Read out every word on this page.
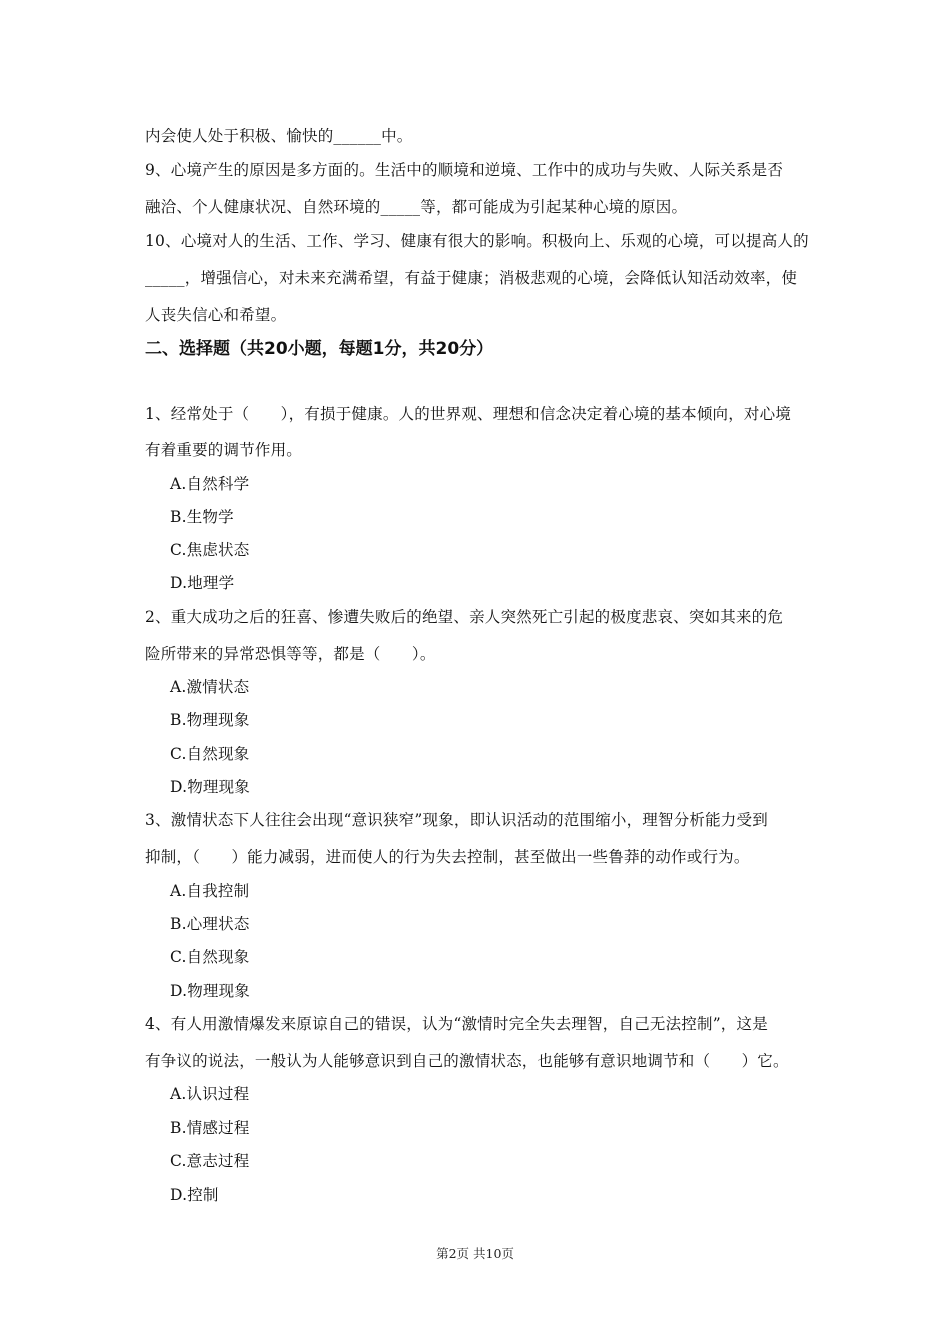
内会使人处于积极、愉快的______中。
9、心境产生的原因是多方面的。生活中的顺境和逆境、工作中的成功与失败、人际关系是否
融洽、个人健康状况、自然环境的_____等，都可能成为引起某种心境的原因。
10、心境对人的生活、工作、学习、健康有很大的影响。积极向上、乐观的心境，可以提高人的
_____，增强信心，对未来充满希望，有益于健康；消极悲观的心境，会降低认知活动效率，使
人丧失信心和希望。
二、选择题（共20小题，每题1分，共20分）
1、经常处于（　　），有损于健康。人的世界观、理想和信念决定着心境的基本倾向，对心境
有着重要的调节作用。
A.自然科学
B.生物学
C.焦虑状态
D.地理学
2、重大成功之后的狂喜、惨遭失败后的绝望、亲人突然死亡引起的极度悲哀、突如其来的危
险所带来的异常恐惧等等，都是（　　）。
A.激情状态
B.物理现象
C.自然现象
D.物理现象
3、激情状态下人往往会出现“意识狭窄”现象，即认识活动的范围缩小，理智分析能力受到
抑制，（　　）能力减弱，进而使人的行为失去控制，甚至做出一些鲁莽的动作或行为。
A.自我控制
B.心理状态
C.自然现象
D.物理现象
4、有人用激情爆发来原谅自己的错误，认为“激情时完全失去理智，自己无法控制”，这是
有争议的说法，一般认为人能够意识到自己的激情状态，也能够有意识地调节和（　　）它。
A.认识过程
B.情感过程
C.意志过程
D.控制
第2页 共10页
